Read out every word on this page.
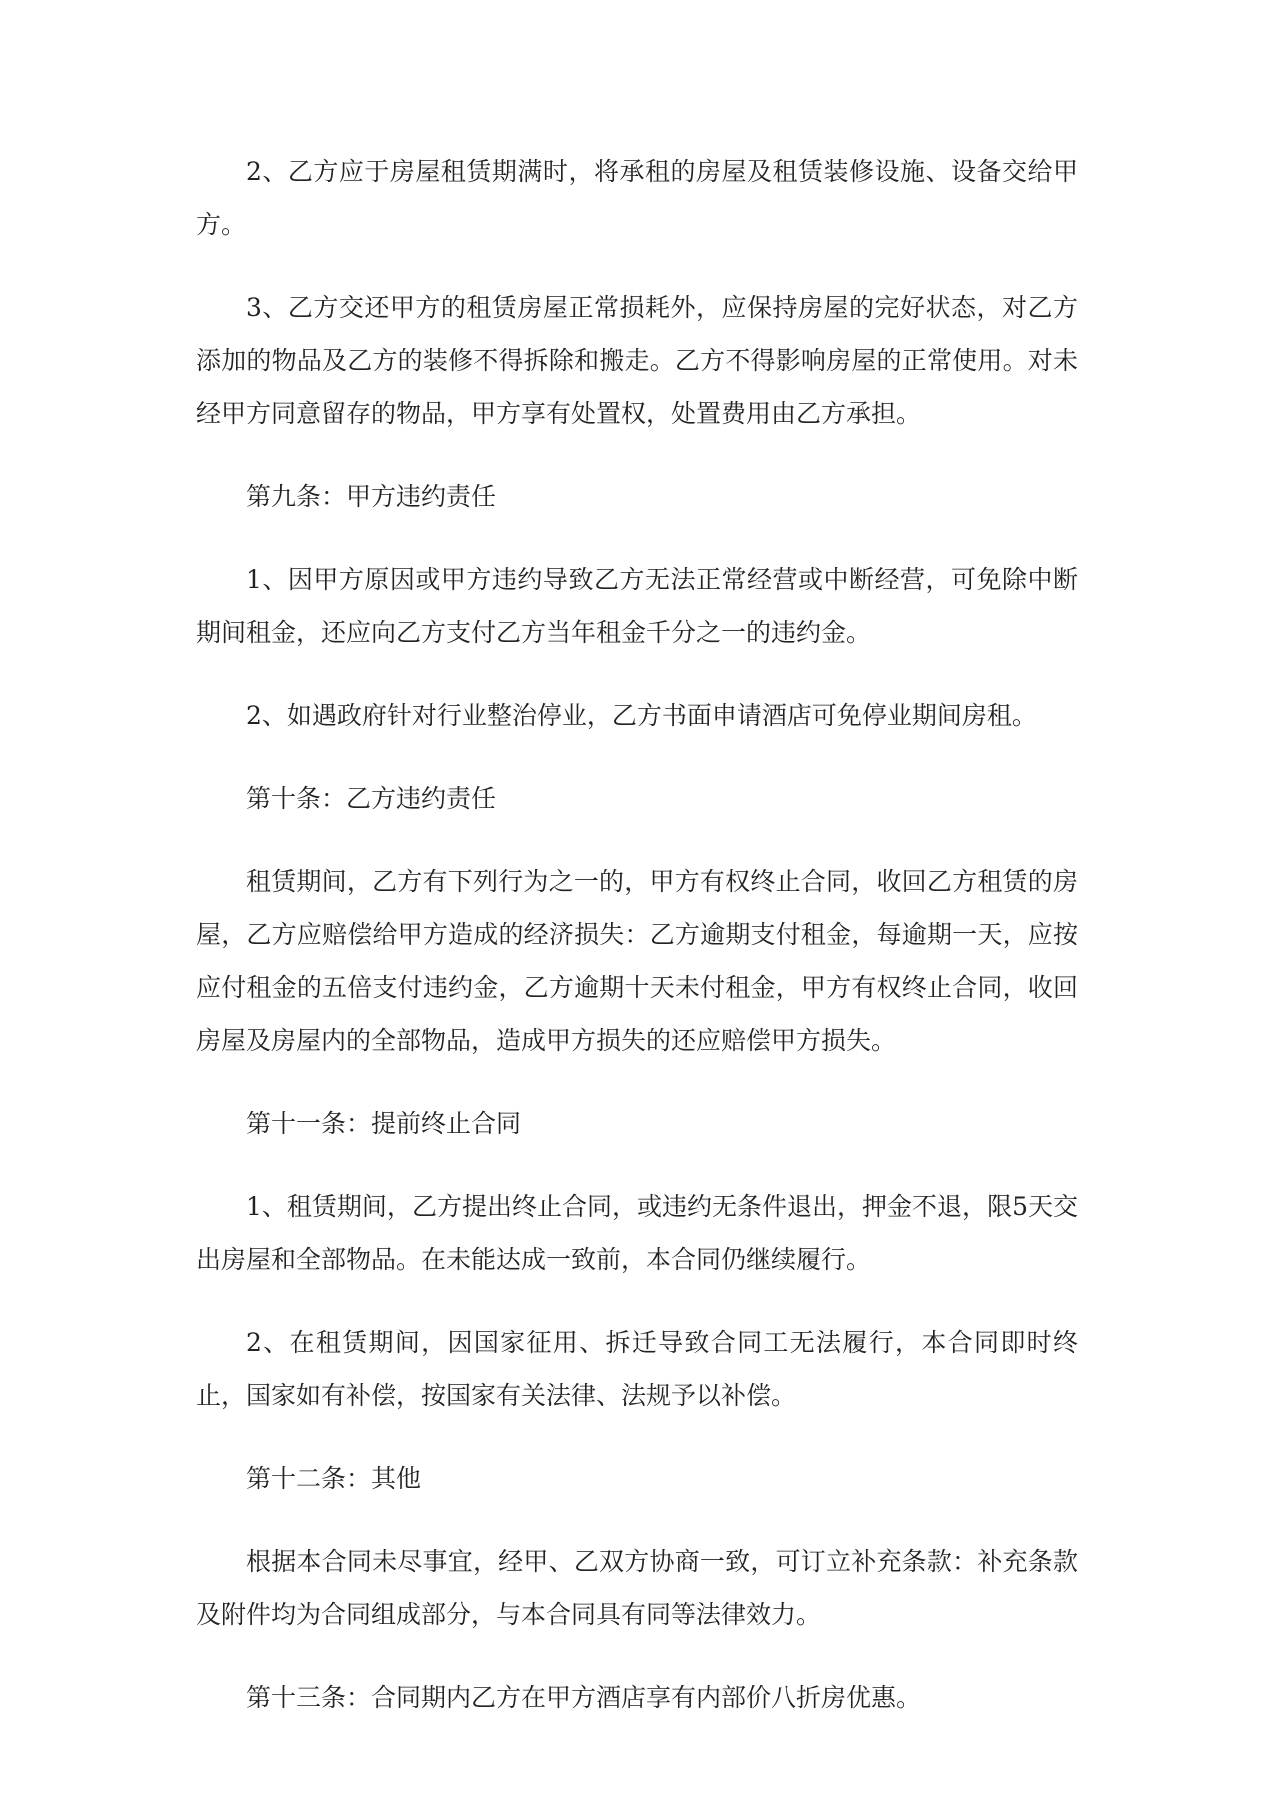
2、乙方应于房屋租赁期满时，将承租的房屋及租赁装修设施、设备交给甲方。

3、乙方交还甲方的租赁房屋正常损耗外，应保持房屋的完好状态，对乙方添加的物品及乙方的装修不得拆除和搬走。乙方不得影响房屋的正常使用。对未经甲方同意留存的物品，甲方享有处置权，处置费用由乙方承担。

第九条：甲方违约责任

1、因甲方原因或甲方违约导致乙方无法正常经营或中断经营，可免除中断期间租金，还应向乙方支付乙方当年租金千分之一的违约金。

2、如遇政府针对行业整治停业，乙方书面申请酒店可免停业期间房租。

第十条：乙方违约责任

租赁期间，乙方有下列行为之一的，甲方有权终止合同，收回乙方租赁的房屋，乙方应赔偿给甲方造成的经济损失：乙方逾期支付租金，每逾期一天，应按应付租金的五倍支付违约金，乙方逾期十天未付租金，甲方有权终止合同，收回房屋及房屋内的全部物品，造成甲方损失的还应赔偿甲方损失。

第十一条：提前终止合同

1、租赁期间，乙方提出终止合同，或违约无条件退出，押金不退，限5天交出房屋和全部物品。在未能达成一致前，本合同仍继续履行。

2、在租赁期间，因国家征用、拆迁导致合同工无法履行，本合同即时终止，国家如有补偿，按国家有关法律、法规予以补偿。

第十二条：其他

根据本合同未尽事宜，经甲、乙双方协商一致，可订立补充条款：补充条款及附件均为合同组成部分，与本合同具有同等法律效力。

第十三条：合同期内乙方在甲方酒店享有内部价八折房优惠。
